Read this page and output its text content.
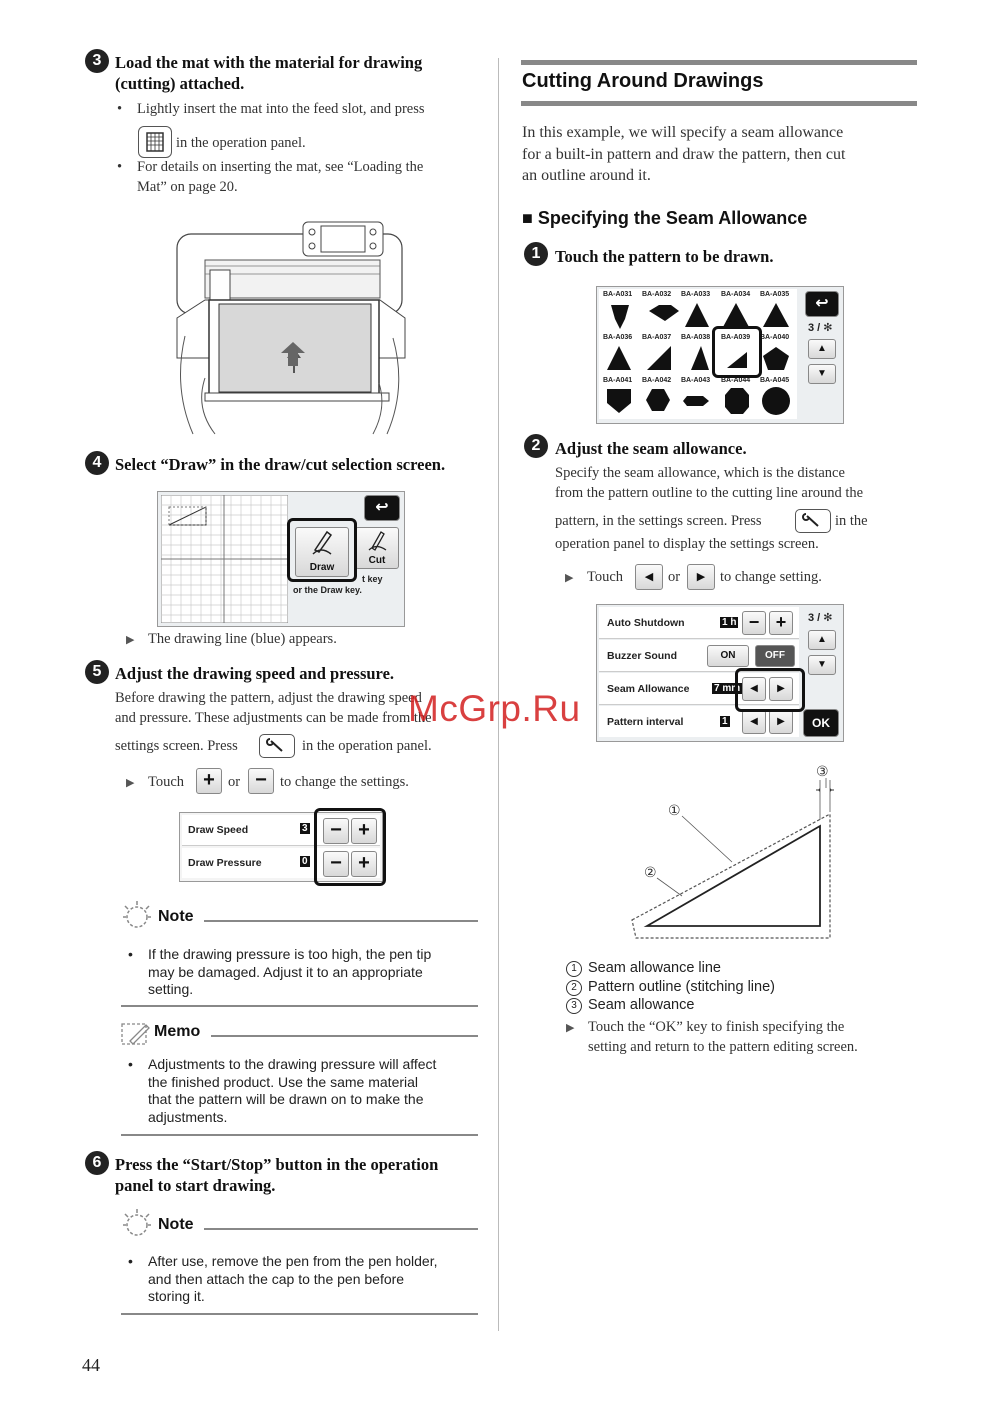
3 Load the mat with the material for drawing
(cutting) attached.
• Lightly insert the mat into the feed slot, and press
in the operation panel.
• For details on inserting the mat, see “Loading the
Mat” on page 20.
4 Select “Draw” in the draw/cut selection screen.
↩
Draw
Cut
t key
or the Draw key.
▶ The drawing line (blue) appears.
5 Adjust the drawing speed and pressure.
Before drawing the pattern, adjust the drawing speed
and pressure. These adjustments can be made from the
settings screen. Press	in the operation panel.
▶ Touch + or − to change the settings.
Draw Speed	3	− +
Draw Pressure	0	− +
Note
• If the drawing pressure is too high, the pen tip
may be damaged. Adjust it to an appropriate
setting.
Memo
• Adjustments to the drawing pressure will affect
the finished product. Use the same material
that the pattern will be drawn on to make the
adjustments.
6 Press the “Start/Stop” button in the operation
panel to start drawing.
Note
• After use, remove the pen from the pen holder,
and then attach the cap to the pen before
storing it.
44
McGrp.Ru
Cutting Around Drawings
In this example, we will specify a seam allowance
for a built-in pattern and draw the pattern, then cut
an outline around it.
■ Specifying the Seam Allowance
1 Touch the pattern to be drawn.
BA-A031 BA-A032 BA-A033 BA-A034 BA-A035
BA-A036 BA-A037 BA-A038 BA-A039 BA-A040
BA-A041 BA-A042 BA-A043 BA-A044 BA-A045
↩
3 / ✻
▲
▼
2 Adjust the seam allowance.
Specify the seam allowance, which is the distance
from the pattern outline to the cutting line around the
pattern, in the settings screen. Press	in the
operation panel to display the settings screen.
▶ Touch	◀	or	▶	to change setting.
Auto Shutdown	1 h − +
Buzzer Sound	ON	OFF
Seam Allowance 7 mm	◀	▶
Pattern interval	1	◀	▶
3 / ✻
▲
▼
OK
③
①
②
1 Seam allowance line
2 Pattern outline (stitching line)
3 Seam allowance
▶ Touch the “OK” key to finish specifying the
setting and return to the pattern editing screen.
